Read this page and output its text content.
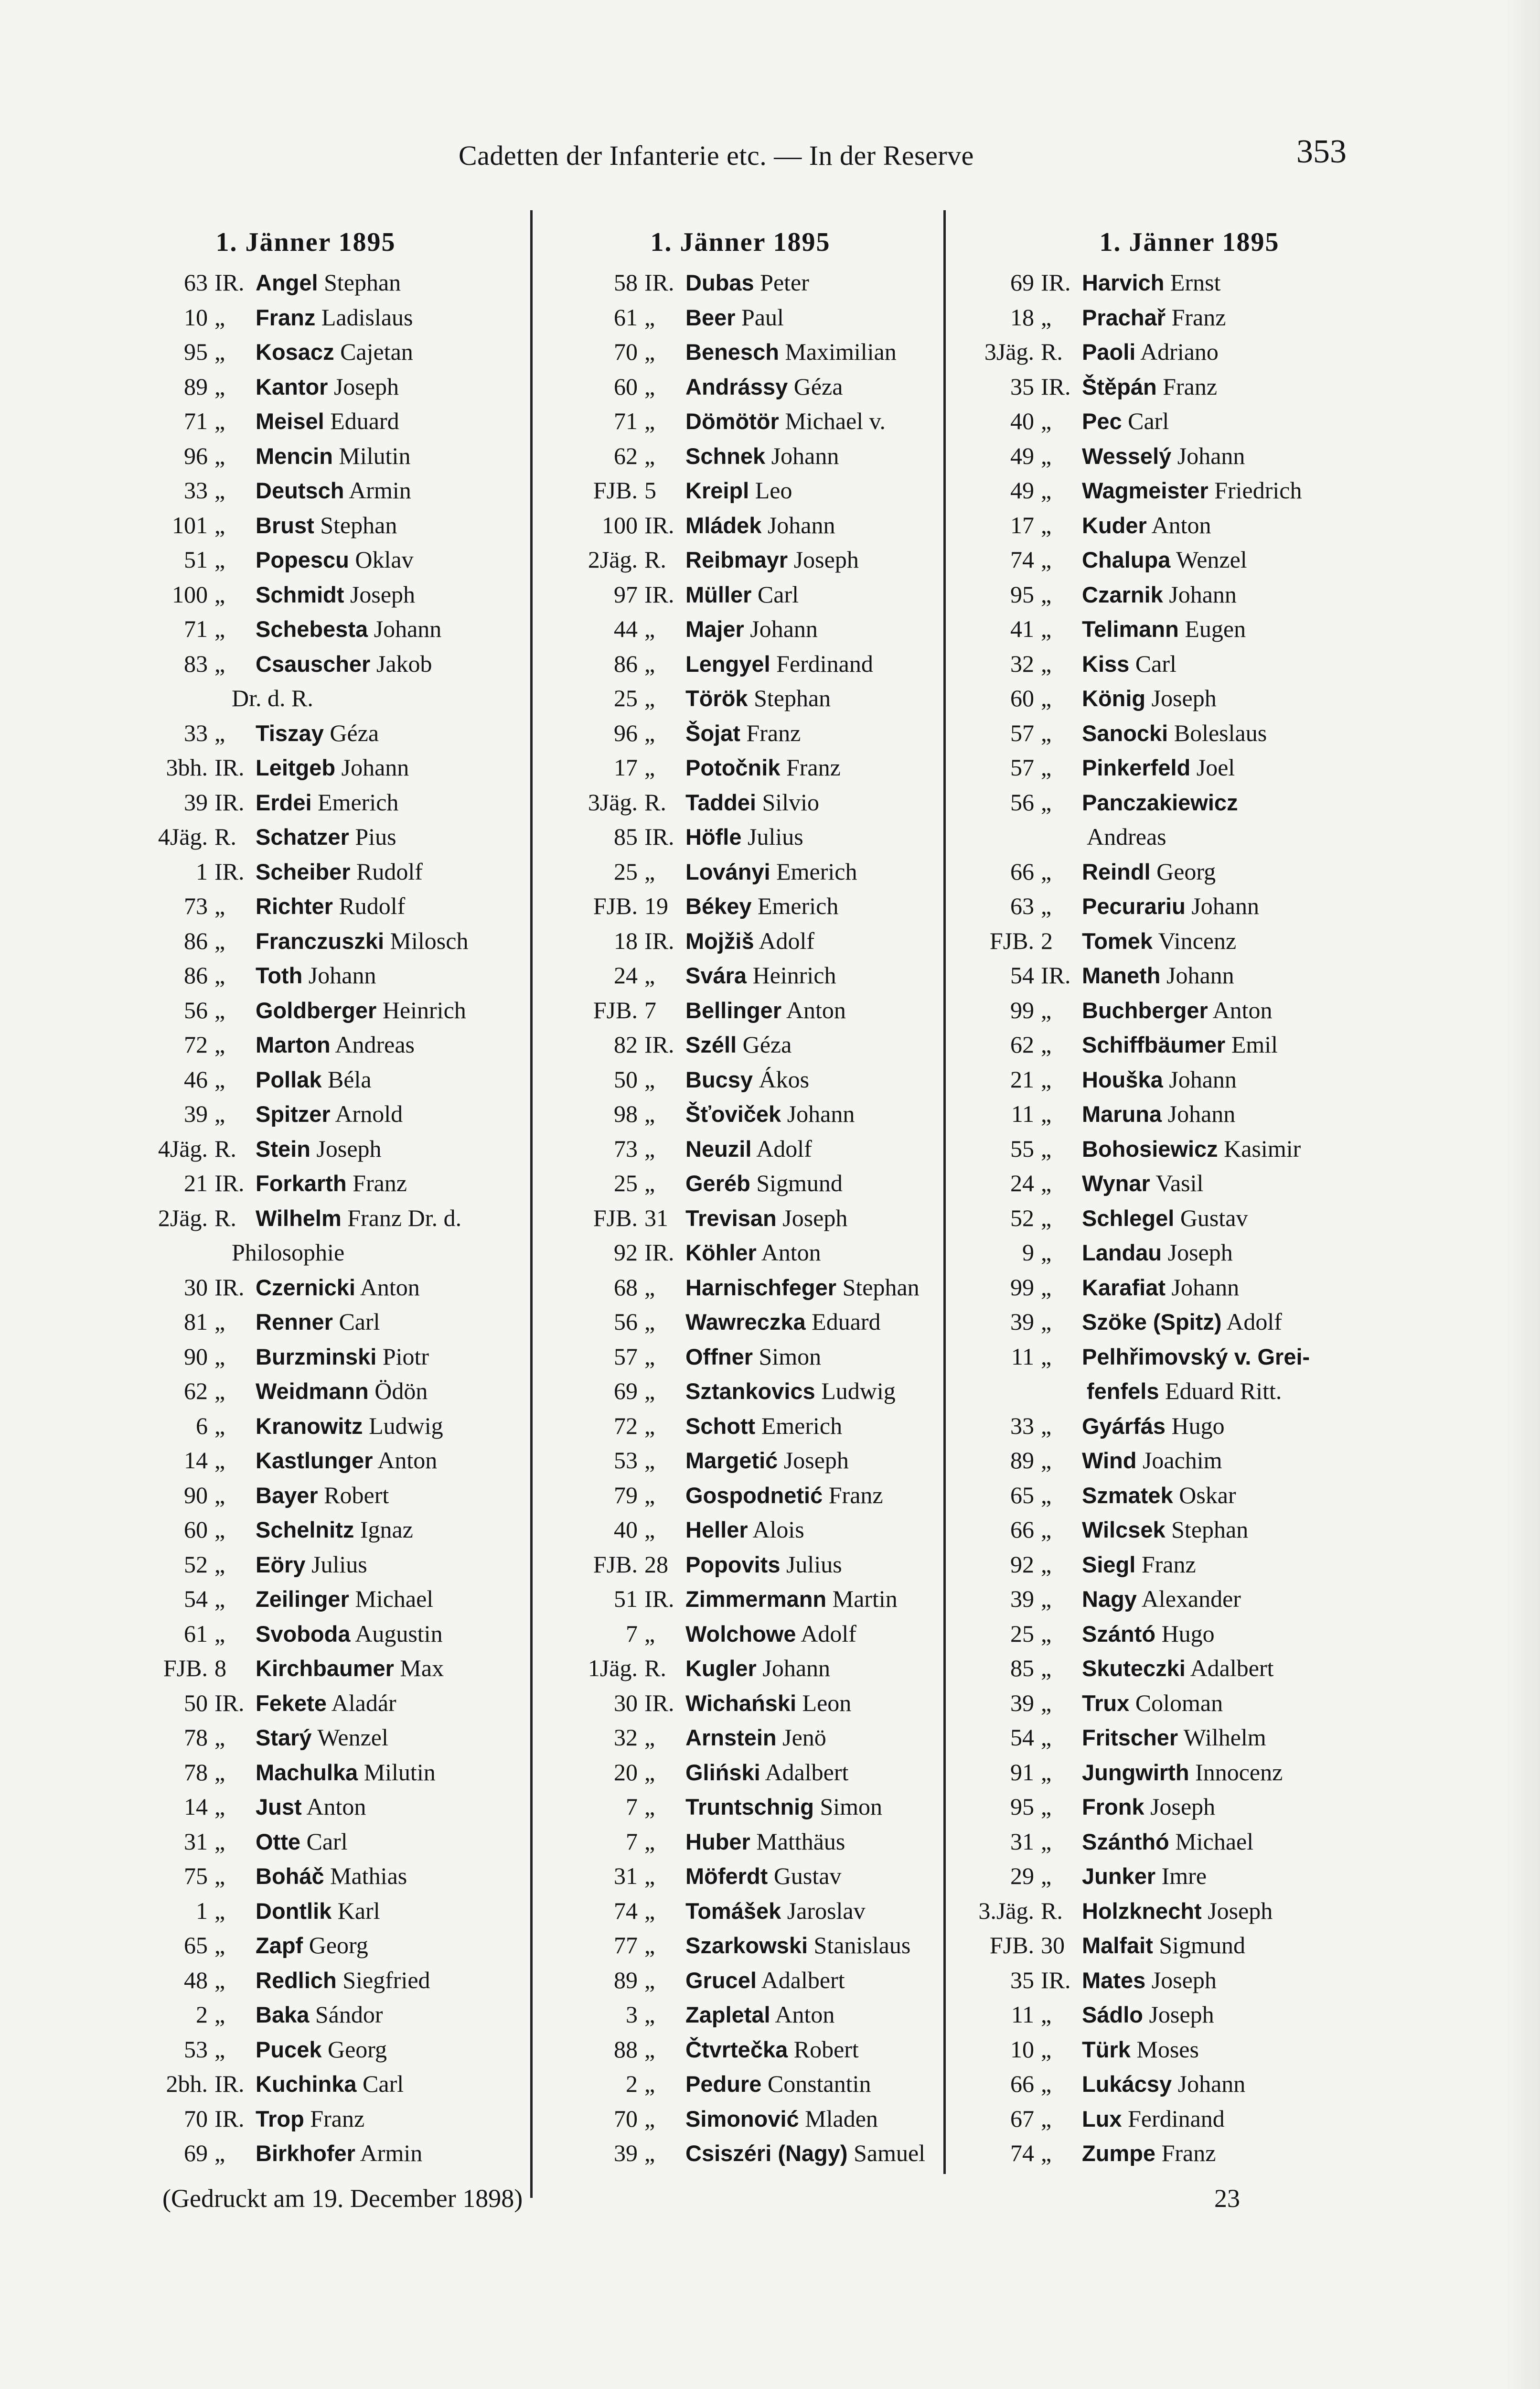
Cadetten der Infanterie etc. — In der Reserve	353
1. Jänner 1895
63 IR. Angel Stephan
10 „ Franz Ladislaus
95 „ Kosacz Cajetan
89 „ Kantor Joseph
71 „ Meisel Eduard
96 „ Mencin Milutin
33 „ Deutsch Armin
101 „ Brust Stephan
51 „ Popescu Oklav
100 „ Schmidt Joseph
71 „ Schebesta Johann
83 „ Csauscher Jakob
Dr. d. R.
33 „ Tiszay Géza
3bh. IR. Leitgeb Johann
39 IR. Erdei Emerich
4Jäg. R. Schatzer Pius
1 IR. Scheiber Rudolf
73 „ Richter Rudolf
86 „ Franczuszki Milosch
86 „ Toth Johann
56 „ Goldberger Heinrich
72 „ Marton Andreas
46 „ Pollak Béla
39 „ Spitzer Arnold
4Jäg. R. Stein Joseph
21 IR. Forkarth Franz
2Jäg. R. Wilhelm Franz Dr. d.
Philosophie
30 IR. Czernicki Anton
81 „ Renner Carl
90 „ Burzminski Piotr
62 „ Weidmann Ödön
6 „ Kranowitz Ludwig
14 „ Kastlunger Anton
90 „ Bayer Robert
60 „ Schelnitz Ignaz
52 „ Eöry Julius
54 „ Zeilinger Michael
61 „ Svoboda Augustin
FJB. 8 Kirchbaumer Max
50 IR. Fekete Aladár
78 „ Starý Wenzel
78 „ Machulka Milutin
14 „ Just Anton
31 „ Otte Carl
75 „ Boháč Mathias
1 „ Dontlik Karl
65 „ Zapf Georg
48 „ Redlich Siegfried
2 „ Baka Sándor
53 „ Pucek Georg
2bh. IR. Kuchinka Carl
70 IR. Trop Franz
69 „ Birkhofer Armin
1. Jänner 1895
58 IR. Dubas Peter
61 „ Beer Paul
70 „ Benesch Maximilian
60 „ Andrássy Géza
71 „ Dömötör Michael v.
62 „ Schnek Johann
FJB. 5 Kreipl Leo
100 IR. Mládek Johann
2Jäg. R. Reibmayr Joseph
97 IR. Müller Carl
44 „ Majer Johann
86 „ Lengyel Ferdinand
25 „ Török Stephan
96 „ Šojat Franz
17 „ Potočnik Franz
3Jäg. R. Taddei Silvio
85 IR. Höfle Julius
25 „ Loványi Emerich
FJB. 19 Békey Emerich
18 IR. Mojžiš Adolf
24 „ Svára Heinrich
FJB. 7 Bellinger Anton
82 IR. Széll Géza
50 „ Bucsy Ákos
98 „ Šťoviček Johann
73 „ Neuzil Adolf
25 „ Geréb Sigmund
FJB. 31 Trevisan Joseph
92 IR. Köhler Anton
68 „ Harnischfeger Stephan
56 „ Wawreczka Eduard
57 „ Offner Simon
69 „ Sztankovics Ludwig
72 „ Schott Emerich
53 „ Margetić Joseph
79 „ Gospodnetić Franz
40 „ Heller Alois
FJB. 28 Popovits Julius
51 IR. Zimmermann Martin
7 „ Wolchowe Adolf
1Jäg. R. Kugler Johann
30 IR. Wichański Leon
32 „ Arnstein Jenö
20 „ Gliński Adalbert
7 „ Truntschnig Simon
7 „ Huber Matthäus
31 „ Möferdt Gustav
74 „ Tomášek Jaroslav
77 „ Szarkowski Stanislaus
89 „ Grucel Adalbert
3 „ Zapletal Anton
88 „ Čtvrtečka Robert
2 „ Pedure Constantin
70 „ Simonović Mladen
39 „ Csiszéri (Nagy) Samuel
1. Jänner 1895
69 IR. Harvich Ernst
18 „ Prachař Franz
3Jäg. R. Paoli Adriano
35 IR. Štěpán Franz
40 „ Pec Carl
49 „ Wesselý Johann
49 „ Wagmeister Friedrich
17 „ Kuder Anton
74 „ Chalupa Wenzel
95 „ Czarnik Johann
41 „ Telimann Eugen
32 „ Kiss Carl
60 „ König Joseph
57 „ Sanocki Boleslaus
57 „ Pinkerfeld Joel
56 „ Panczakiewicz
Andreas
66 „ Reindl Georg
63 „ Pecurariu Johann
FJB. 2 Tomek Vincenz
54 IR. Maneth Johann
99 „ Buchberger Anton
62 „ Schiffbäumer Emil
21 „ Houška Johann
11 „ Maruna Johann
55 „ Bohosiewicz Kasimir
24 „ Wynar Vasil
52 „ Schlegel Gustav
9 „ Landau Joseph
99 „ Karafiat Johann
39 „ Szöke (Spitz) Adolf
11 „ Pelhřimovský v. Grei-
fenfels Eduard Ritt.
33 „ Gyárfás Hugo
89 „ Wind Joachim
65 „ Szmatek Oskar
66 „ Wilcsek Stephan
92 „ Siegl Franz
39 „ Nagy Alexander
25 „ Szántó Hugo
85 „ Skuteczki Adalbert
39 „ Trux Coloman
54 „ Fritscher Wilhelm
91 „ Jungwirth Innocenz
95 „ Fronk Joseph
31 „ Szánthó Michael
29 „ Junker Imre
3.Jäg. R. Holzknecht Joseph
FJB. 30 Malfait Sigmund
35 IR. Mates Joseph
11 „ Sádlo Joseph
10 „ Türk Moses
66 „ Lukácsy Johann
67 „ Lux Ferdinand
74 „ Zumpe Franz
(Gedruckt am 19. December 1898)	23
